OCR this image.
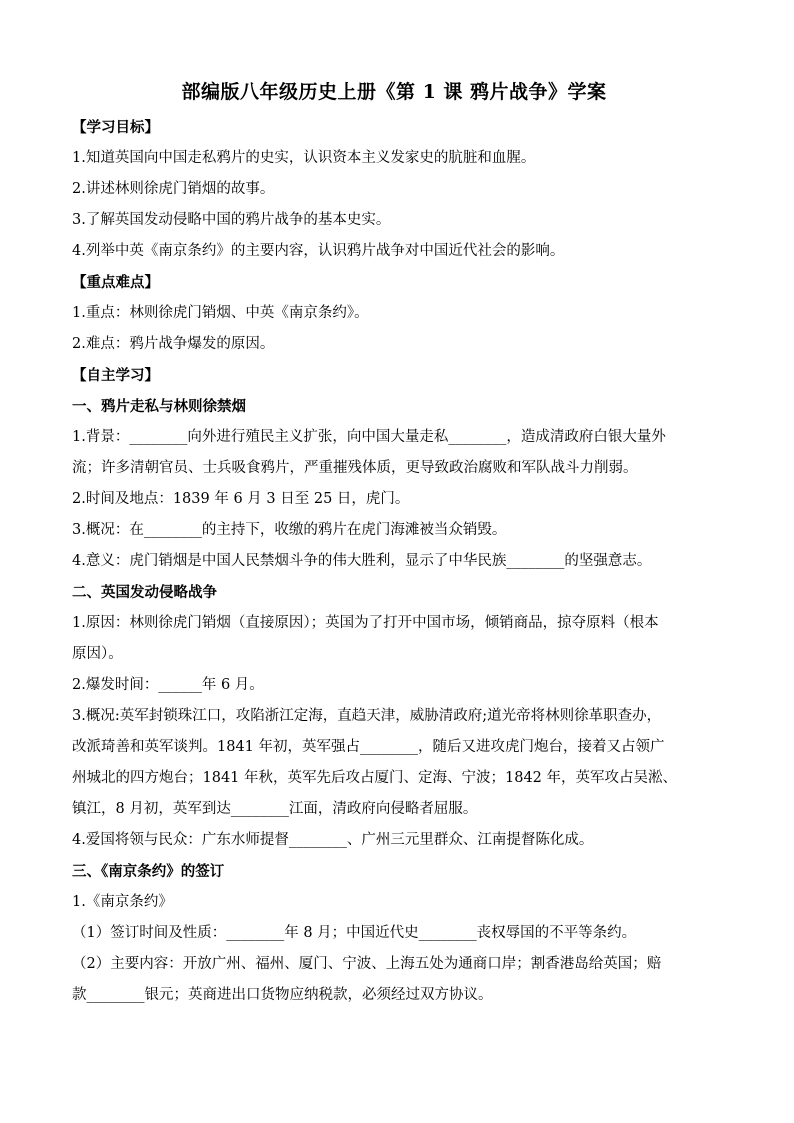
部编版八年级历史上册《第 1 课 鸦片战争》学案

【学习目标】

1.知道英国向中国走私鸦片的史实，认识资本主义发家史的肮脏和血腥。

2.讲述林则徐虎门销烟的故事。

3.了解英国发动侵略中国的鸦片战争的基本史实。

4.列举中英《南京条约》的主要内容，认识鸦片战争对中国近代社会的影响。

【重点难点】

1.重点：林则徐虎门销烟、中英《南京条约》。

2.难点：鸦片战争爆发的原因。

【自主学习】

一、鸦片走私与林则徐禁烟

1.背景：________向外进行殖民主义扩张，向中国大量走私________，造成清政府白银大量外

流；许多清朝官员、士兵吸食鸦片，严重摧残体质，更导致政治腐败和军队战斗力削弱。

2.时间及地点：1839 年 6 月 3 日至 25 日，虎门。

3.概况：在________的主持下，收缴的鸦片在虎门海滩被当众销毁。

4.意义：虎门销烟是中国人民禁烟斗争的伟大胜利，显示了中华民族________的坚强意志。

二、英国发动侵略战争

1.原因：林则徐虎门销烟（直接原因）；英国为了打开中国市场，倾销商品，掠夺原料（根本

原因）。

2.爆发时间：______年 6 月。

3.概况:英军封锁珠江口，攻陷浙江定海，直趋天津，威胁清政府;道光帝将林则徐革职查办，

改派琦善和英军谈判。1841 年初，英军强占________，随后又进攻虎门炮台，接着又占领广

州城北的四方炮台；1841 年秋，英军先后攻占厦门、定海、宁波；1842 年，英军攻占吴淞、

镇江，8 月初，英军到达________江面，清政府向侵略者屈服。

4.爱国将领与民众：广东水师提督________、广州三元里群众、江南提督陈化成。

三、《南京条约》的签订

1.《南京条约》

（1）签订时间及性质：________年 8 月；中国近代史________丧权辱国的不平等条约。

（2）主要内容：开放广州、福州、厦门、宁波、上海五处为通商口岸；割香港岛给英国；赔

款________银元；英商进出口货物应纳税款，必须经过双方协议。
